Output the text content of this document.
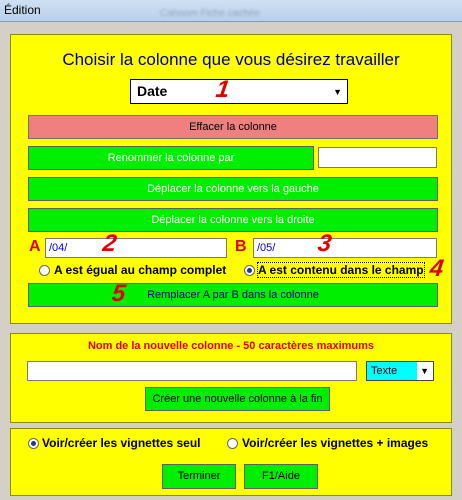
Édition	Cahoom Fiche cachée
Choisir la colonne que vous désirez travailler
Date	▼
1
Effacer la colonne
Renommer la colonne par
Déplacer la colonne vers la gauche
Déplacer la colonne vers la droite
A /04/	2	B /05/	3
A est égual au champ complet	A est contenu dans le champ 4
Remplacer A par B dans la colonne
5
Nom de la nouvelle colonne - 50 caractères maximums
Texte	▼
Créer une nouvelle colonne à la fin
Voir/créer les vignettes seul	Voir/créer les vignettes + images
Terminer	F1/Aide
